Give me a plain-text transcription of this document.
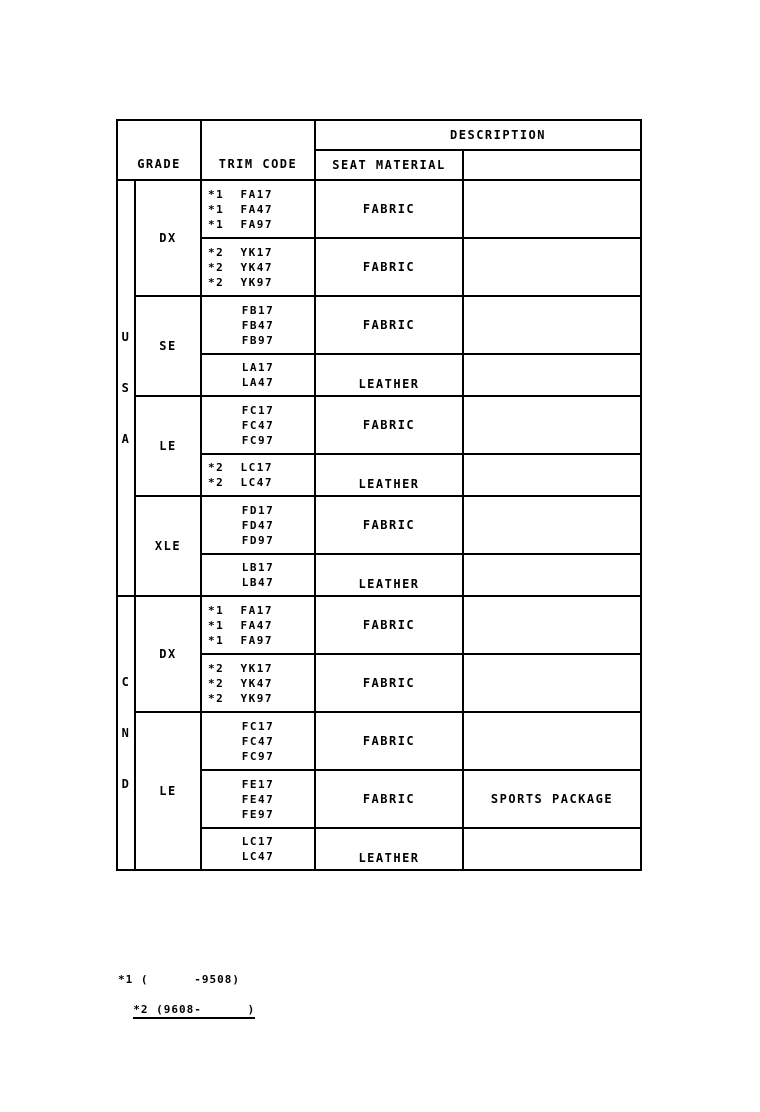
GRADE		TRIM CODE	DESCRIPTION	
			SEAT MATERIAL	

U
S
A	DX	*1  FA17
*1  FA47
*1  FA97	FABRIC	
		*2  YK17
*2  YK47
*2  YK97	FABRIC	
	SE	FB17
FB47
FB97	FABRIC	
		LA17
LA47	LEATHER	
	LE	FC17
FC47
FC97	FABRIC	
		*2  LC17
*2  LC47	LEATHER	
	XLE	FD17
FD47
FD97	FABRIC	
		LB17
LB47	LEATHER	

C
N
D	DX	*1  FA17
*1  FA47
*1  FA97	FABRIC	
		*2  YK17
*2  YK47
*2  YK97	FABRIC	
	LE	FC17
FC47
FC97	FABRIC	
		FE17
FE47
FE97	FABRIC	SPORTS PACKAGE
		LC17
LC47	LEATHER	

*1 (      -9508)

*2 (9608-      )
